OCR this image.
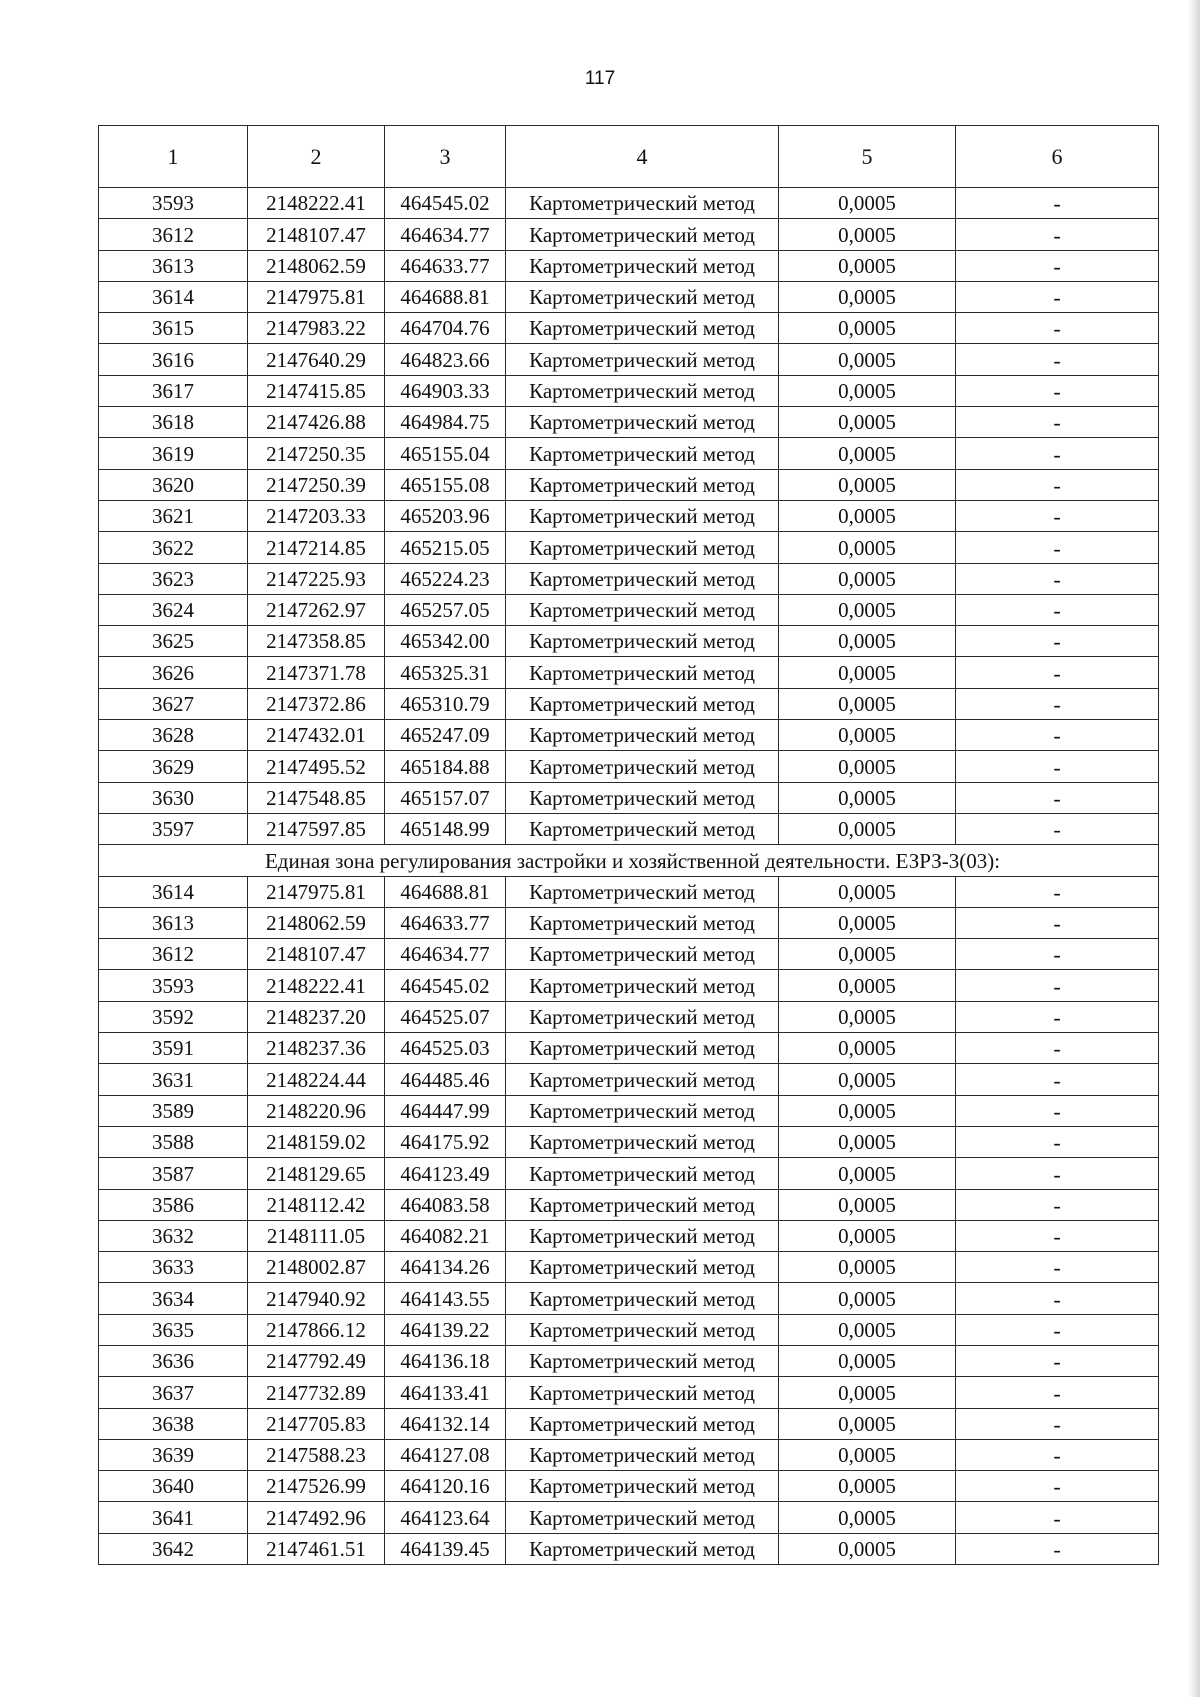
117
1	2	3	4	5	6
3593	2148222.41	464545.02	Картометрический метод	0,0005	-
3612	2148107.47	464634.77	Картометрический метод	0,0005	-
3613	2148062.59	464633.77	Картометрический метод	0,0005	-
3614	2147975.81	464688.81	Картометрический метод	0,0005	-
3615	2147983.22	464704.76	Картометрический метод	0,0005	-
3616	2147640.29	464823.66	Картометрический метод	0,0005	-
3617	2147415.85	464903.33	Картометрический метод	0,0005	-
3618	2147426.88	464984.75	Картометрический метод	0,0005	-
3619	2147250.35	465155.04	Картометрический метод	0,0005	-
3620	2147250.39	465155.08	Картометрический метод	0,0005	-
3621	2147203.33	465203.96	Картометрический метод	0,0005	-
3622	2147214.85	465215.05	Картометрический метод	0,0005	-
3623	2147225.93	465224.23	Картометрический метод	0,0005	-
3624	2147262.97	465257.05	Картометрический метод	0,0005	-
3625	2147358.85	465342.00	Картометрический метод	0,0005	-
3626	2147371.78	465325.31	Картометрический метод	0,0005	-
3627	2147372.86	465310.79	Картометрический метод	0,0005	-
3628	2147432.01	465247.09	Картометрический метод	0,0005	-
3629	2147495.52	465184.88	Картометрический метод	0,0005	-
3630	2147548.85	465157.07	Картометрический метод	0,0005	-
3597	2147597.85	465148.99	Картометрический метод	0,0005	-
Единая зона регулирования застройки и хозяйственной деятельности. ЕЗРЗ-3(03):					
3614	2147975.81	464688.81	Картометрический метод	0,0005	-
3613	2148062.59	464633.77	Картометрический метод	0,0005	-
3612	2148107.47	464634.77	Картометрический метод	0,0005	-
3593	2148222.41	464545.02	Картометрический метод	0,0005	-
3592	2148237.20	464525.07	Картометрический метод	0,0005	-
3591	2148237.36	464525.03	Картометрический метод	0,0005	-
3631	2148224.44	464485.46	Картометрический метод	0,0005	-
3589	2148220.96	464447.99	Картометрический метод	0,0005	-
3588	2148159.02	464175.92	Картометрический метод	0,0005	-
3587	2148129.65	464123.49	Картометрический метод	0,0005	-
3586	2148112.42	464083.58	Картометрический метод	0,0005	-
3632	2148111.05	464082.21	Картометрический метод	0,0005	-
3633	2148002.87	464134.26	Картометрический метод	0,0005	-
3634	2147940.92	464143.55	Картометрический метод	0,0005	-
3635	2147866.12	464139.22	Картометрический метод	0,0005	-
3636	2147792.49	464136.18	Картометрический метод	0,0005	-
3637	2147732.89	464133.41	Картометрический метод	0,0005	-
3638	2147705.83	464132.14	Картометрический метод	0,0005	-
3639	2147588.23	464127.08	Картометрический метод	0,0005	-
3640	2147526.99	464120.16	Картометрический метод	0,0005	-
3641	2147492.96	464123.64	Картометрический метод	0,0005	-
3642	2147461.51	464139.45	Картометрический метод	0,0005	-
